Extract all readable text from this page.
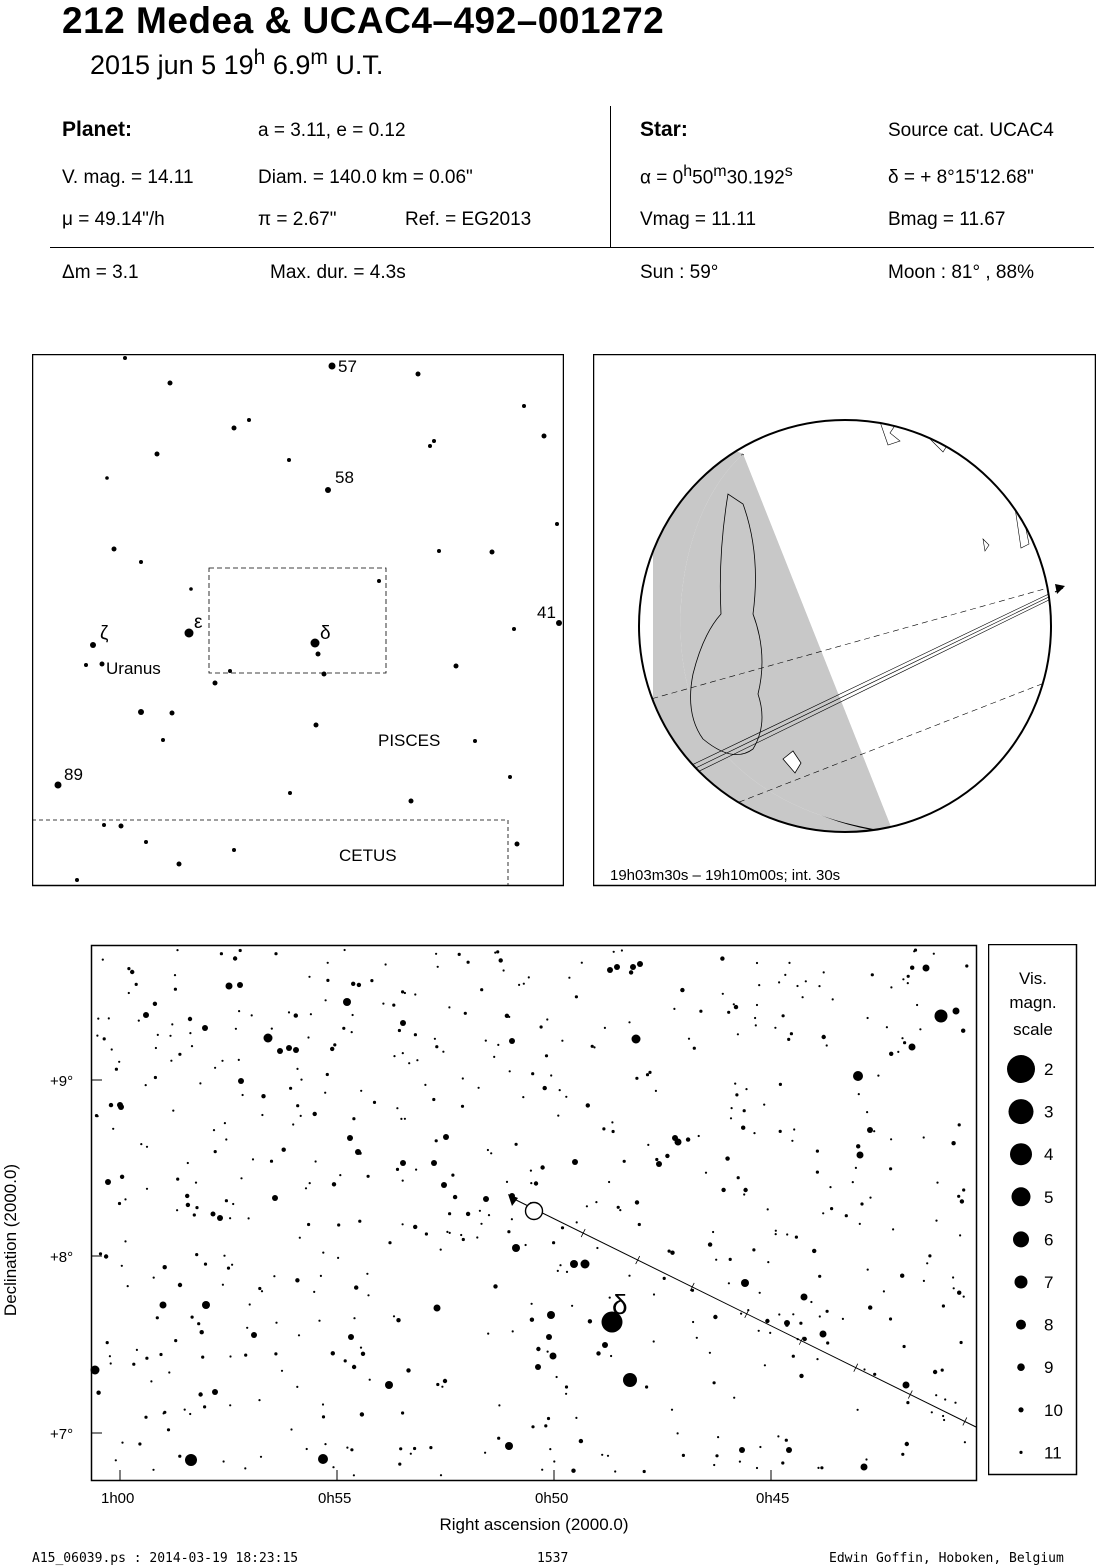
212 Medea & UCAC4–492–001272
2015 jun 5 19$^h$ 6.9$^m$ U.T.
Planet:	a = 3.11, e = 0.12
V. mag. = 14.11	Diam. = 140.0 km = 0.06"
μ = 49.14"/h	π = 2.67"	Ref. = EG2013
Δm = 3.1	Max. dur. = 4.3s
Star:	Source cat. UCAC4
$\alpha = 0^h50^m30.192^s$	δ = + 8°15'12.68"
Vmag = 11.11	Bmag = 11.67
Sun : 59°	Moon : 81° , 88%
57
58
41
ζ
ε
δ
Uranus
PISCES
89
CETUS
19h03m30s – 19h10m00s; int. 30s
+9°
+8°
+7°
1h00	0h55	0h50	0h45
Right ascension (2000.0)
Declination (2000.0)	δ
Vis.
magn.
scale
2
3
4
5
6
7
8
9
10
11
A15_06039.ps : 2014-03-19 18:23:15	1537	Edwin Goffin, Hoboken, Belgium
